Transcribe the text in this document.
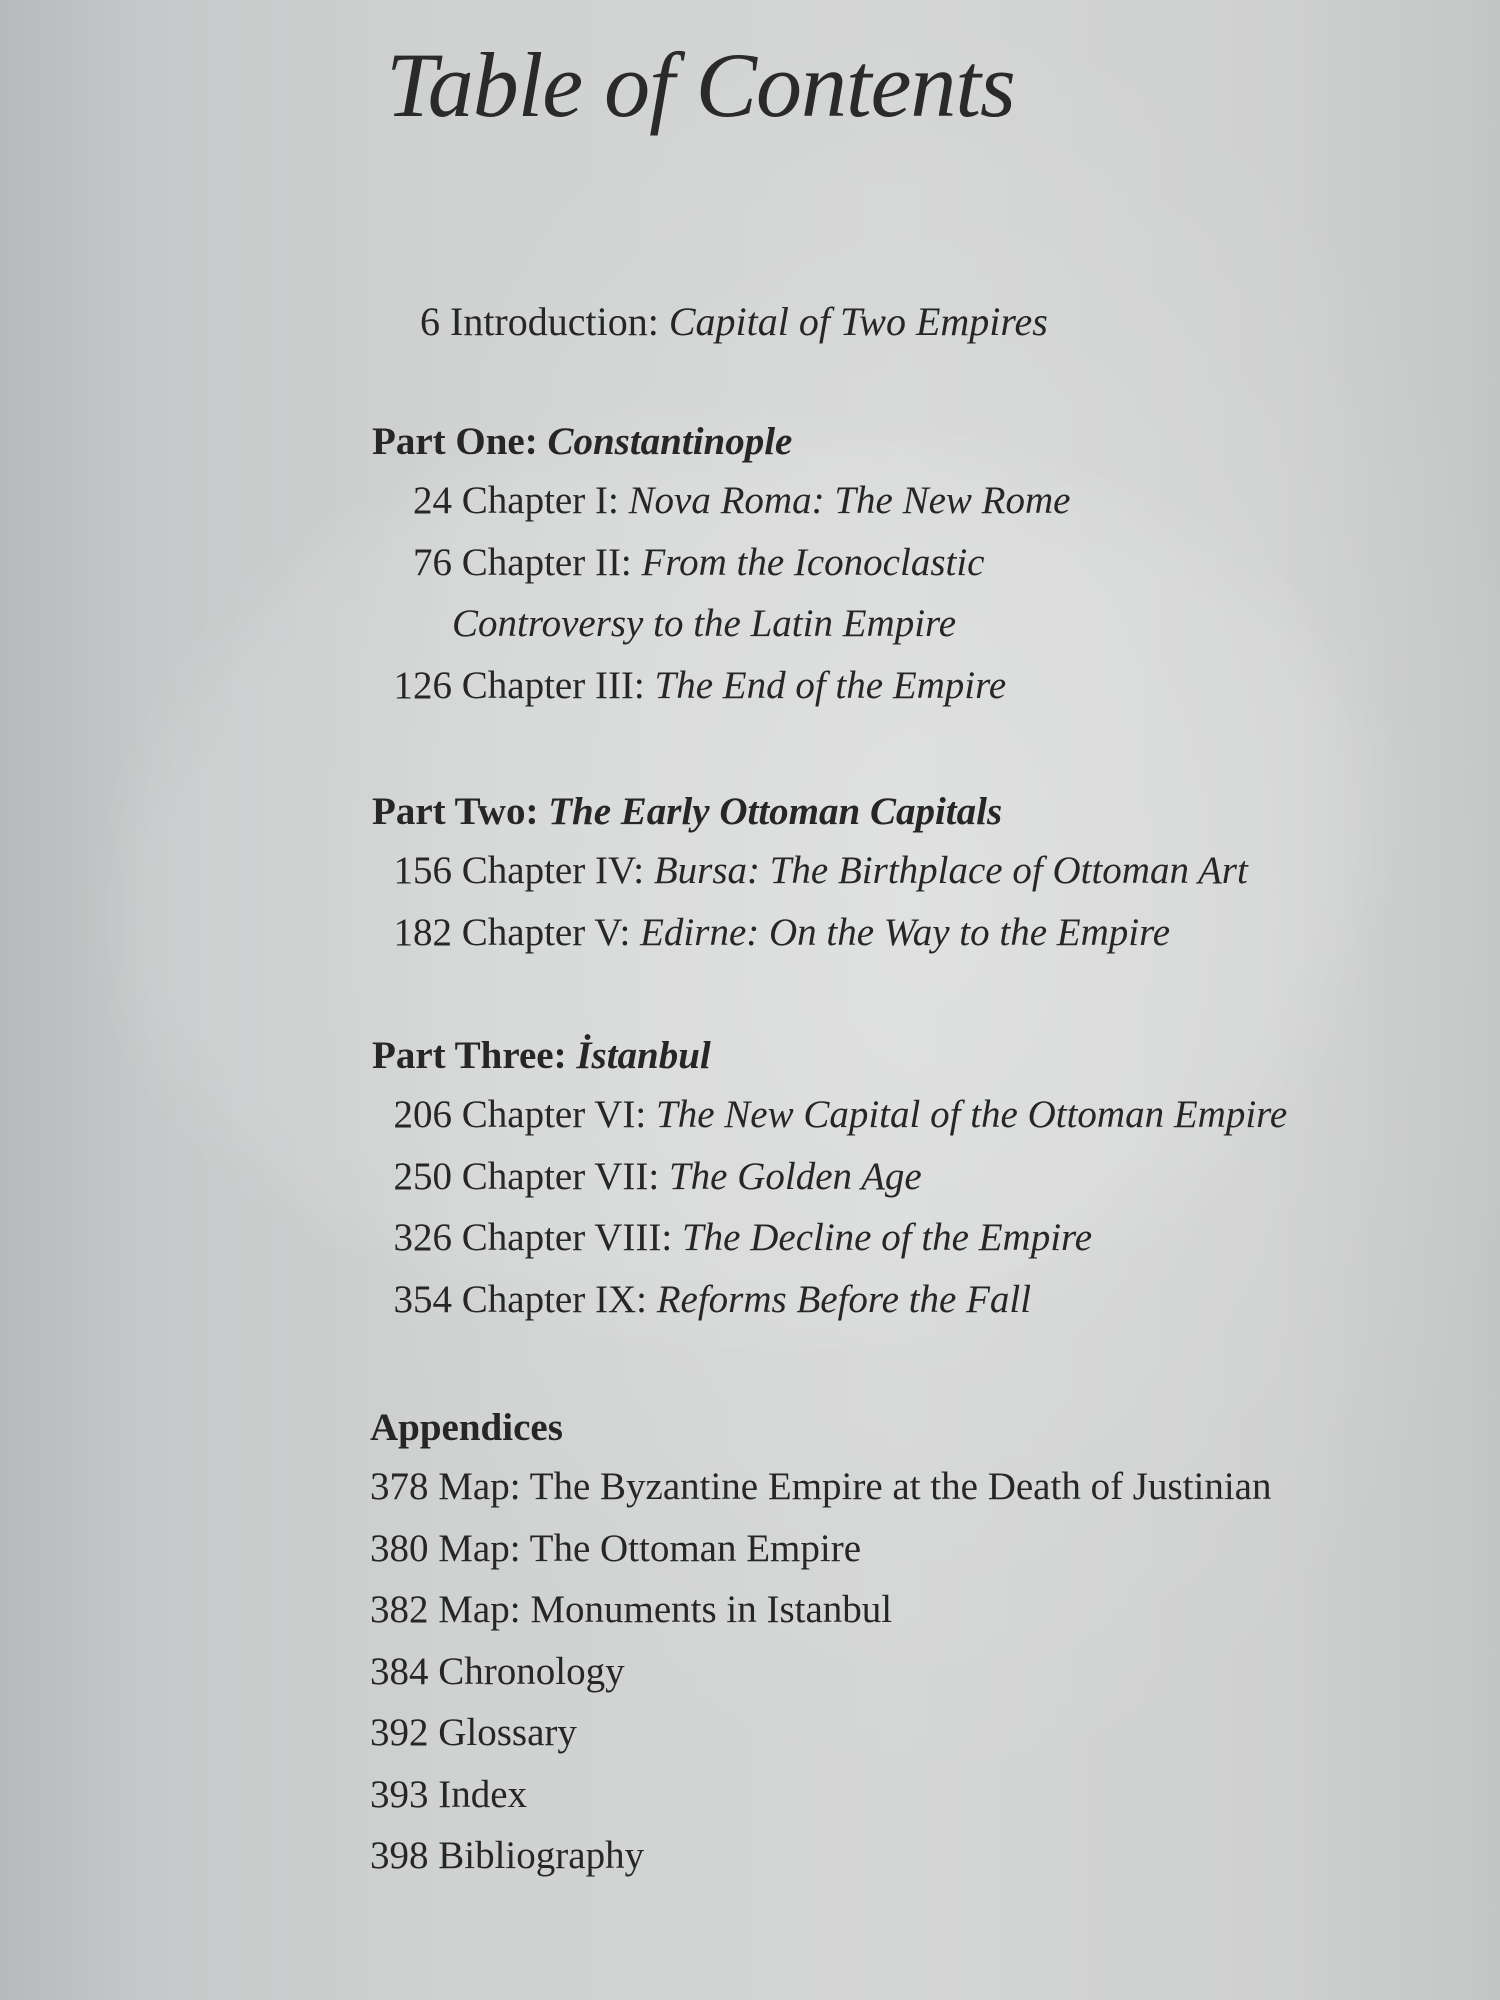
Table of Contents
6 Introduction: Capital of Two Empires
Part One: Constantinople
24 Chapter I: Nova Roma: The New Rome
76 Chapter II: From the Iconoclastic
Controversy to the Latin Empire
126 Chapter III: The End of the Empire
Part Two: The Early Ottoman Capitals
156 Chapter IV: Bursa: The Birthplace of Ottoman Art
182 Chapter V: Edirne: On the Way to the Empire
Part Three: İstanbul
206 Chapter VI: The New Capital of the Ottoman Empire
250 Chapter VII: The Golden Age
326 Chapter VIII: The Decline of the Empire
354 Chapter IX: Reforms Before the Fall
Appendices
378 Map: The Byzantine Empire at the Death of Justinian
380 Map: The Ottoman Empire
382 Map: Monuments in Istanbul
384 Chronology
392 Glossary
393 Index
398 Bibliography
